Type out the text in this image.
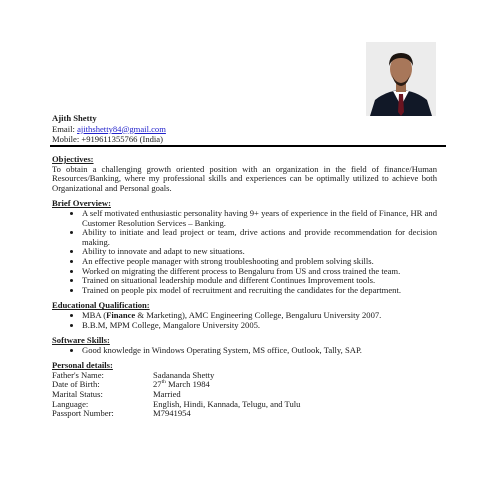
Ajith Shetty
Email: ajithshetty84@gmail.com
Mobile: +919611355766 (India)

Objectives:

To obtain a challenging growth oriented position with an organization in the field of finance/Human Resources/Banking, where my professional skills and experiences can be optimally utilized to achieve both Organizational and Personal goals.

Brief Overview:

• A self motivated enthusiastic personality having 9+ years of experience in the field of Finance, HR and Customer Resolution Services – Banking.
• Ability to initiate and lead project or team, drive actions and provide recommendation for decision making.
• Ability to innovate and adapt to new situations.
• An effective people manager with strong troubleshooting and problem solving skills.
• Worked on migrating the different process to Bengaluru from US and cross trained the team.
• Trained on situational leadership module and different Continues Improvement tools.
• Trained on people pix model of recruitment and recruiting the candidates for the department.

Educational Qualification:

• MBA (Finance & Marketing), AMC Engineering College, Bengaluru University 2007.
• B.B.M, MPM College, Mangalore University 2005.

Software Skills:

• Good knowledge in Windows Operating System, MS office, Outlook, Tally, SAP.

Personal details:

Father's Name:	Sadananda Shetty
Date of Birth:	27th March 1984
Marital Status:	Married
Language:	English, Hindi, Kannada, Telugu, and Tulu
Passport Number:	M7941954
